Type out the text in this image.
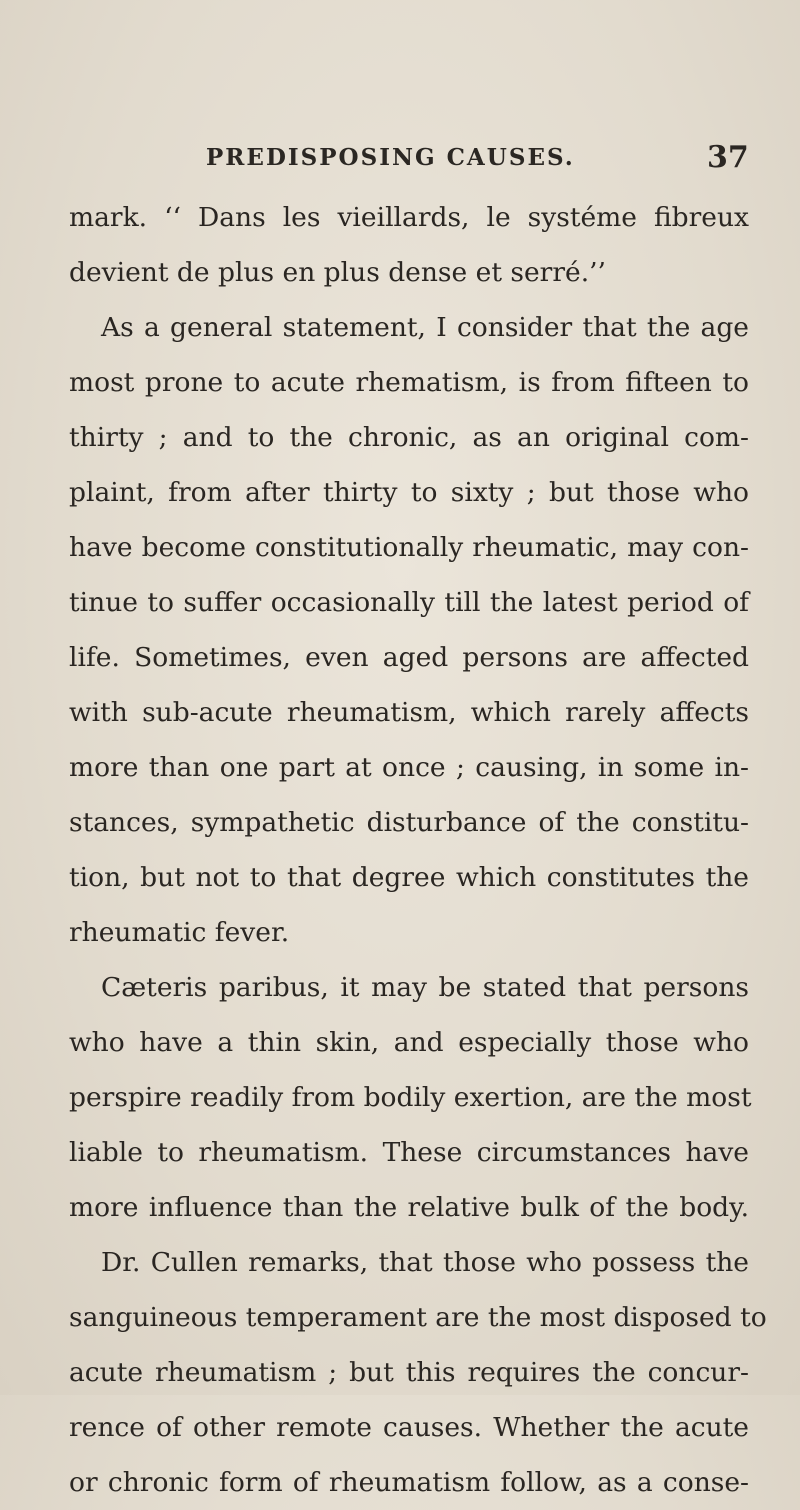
PREDISPOSING CAUSES.	37
mark. ‘‘ Dans les vieillards, le systéme fibreux
devient de plus en plus dense et serré.’’
As a general statement, I consider that the age
most prone to acute rhematism, is from fifteen to
thirty ; and to the chronic, as an original com-
plaint, from after thirty to sixty ; but those who
have become constitutionally rheumatic, may con-
tinue to suffer occasionally till the latest period of
life. Sometimes, even aged persons are affected
with sub-acute rheumatism, which rarely affects
more than one part at once ; causing, in some in-
stances, sympathetic disturbance of the constitu-
tion, but not to that degree which constitutes the
rheumatic fever.
Cæteris paribus, it may be stated that persons
who have a thin skin, and especially those who
perspire readily from bodily exertion, are the most
liable to rheumatism. These circumstances have
more influence than the relative bulk of the body.
Dr. Cullen remarks, that those who possess the
sanguineous temperament are the most disposed to
acute rheumatism ; but this requires the concur-
rence of other remote causes. Whether the acute
or chronic form of rheumatism follow, as a conse-
